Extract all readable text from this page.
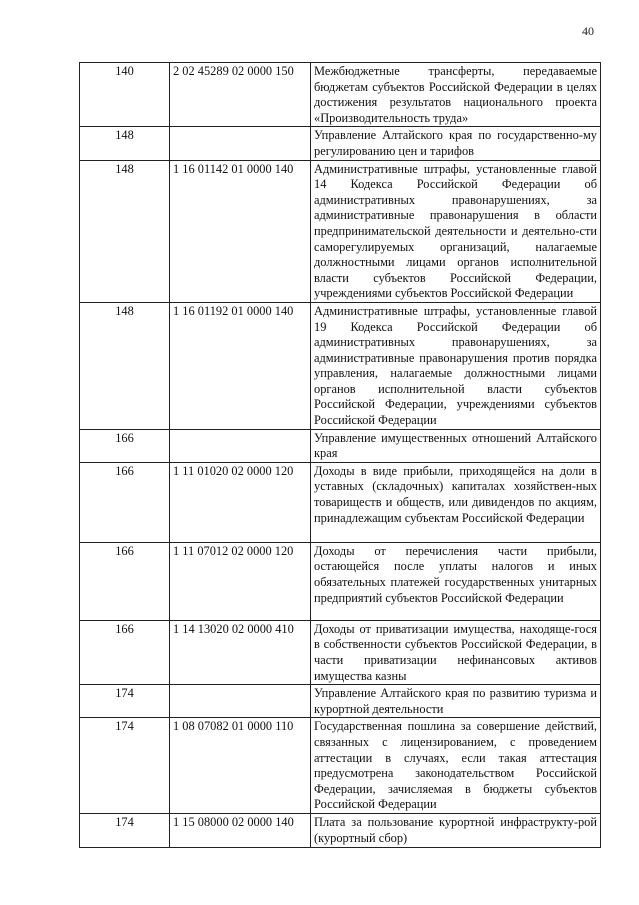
40
140	2 02 45289 02 0000 150	Межбюджетные трансферты, передаваемые бюджетам субъектов Российской Федерации в целях достижения результатов национального проекта «Производительность труда»
148		Управление Алтайского края по государственно-му регулированию цен и тарифов
148	1 16 01142 01 0000 140	Административные штрафы, установленные главой 14 Кодекса Российской Федерации об административных правонарушениях, за административные правонарушения в области предпринимательской деятельности и деятельно-сти саморегулируемых организаций, налагаемые должностными лицами органов исполнительной власти субъектов Российской Федерации, учреждениями субъектов Российской Федерации
148	1 16 01192 01 0000 140	Административные штрафы, установленные главой 19 Кодекса Российской Федерации об административных правонарушениях, за административные правонарушения против порядка управления, налагаемые должностными лицами органов исполнительной власти субъектов Российской Федерации, учреждениями субъектов Российской Федерации
166		Управление имущественных отношений Алтайского края
166	1 11 01020 02 0000 120	Доходы в виде прибыли, приходящейся на доли в уставных (складочных) капиталах хозяйствен-ных товариществ и обществ, или дивидендов по акциям, принадлежащим субъектам Российской Федерации
166	1 11 07012 02 0000 120	Доходы от перечисления части прибыли, остающейся после уплаты налогов и иных обязательных платежей государственных унитарных предприятий субъектов Российской Федерации
166	1 14 13020 02 0000 410	Доходы от приватизации имущества, находяще-гося в собственности субъектов Российской Федерации, в части приватизации нефинансовых активов имущества казны
174		Управление Алтайского края по развитию туризма и курортной деятельности
174	1 08 07082 01 0000 110	Государственная пошлина за совершение действий, связанных с лицензированием, с проведением аттестации в случаях, если такая аттестация предусмотрена законодательством Российской Федерации, зачисляемая в бюджеты субъектов Российской Федерации
174	1 15 08000 02 0000 140	Плата за пользование курортной инфраструкту-рой (курортный сбор)
